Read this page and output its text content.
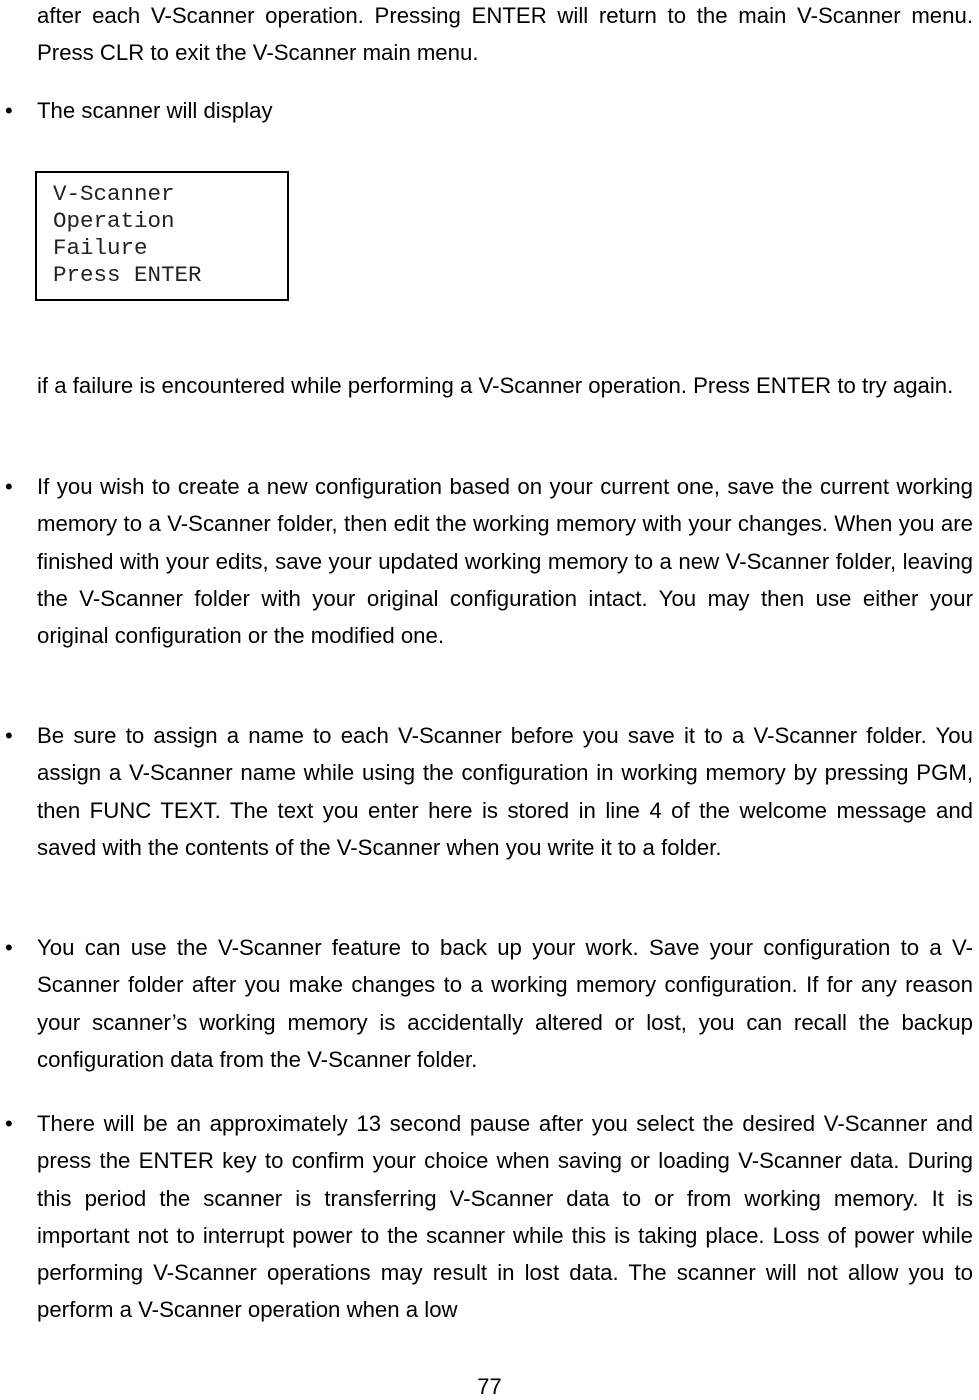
after each V-Scanner operation. Pressing ENTER will return to the main V-Scanner menu. Press CLR to exit the V-Scanner main menu.

• The scanner will display

V-Scanner
Operation
Failure
Press ENTER

if a failure is encountered while performing a V-Scanner operation. Press ENTER to try again.

• If you wish to create a new configuration based on your current one, save the current working memory to a V-Scanner folder, then edit the working memory with your changes. When you are finished with your edits, save your updated working memory to a new V-Scanner folder, leaving the V-Scanner folder with your original configuration intact. You may then use either your original configuration or the modified one.

• Be sure to assign a name to each V-Scanner before you save it to a V-Scanner folder. You assign a V-Scanner name while using the configuration in working memory by pressing PGM, then FUNC TEXT. The text you enter here is stored in line 4 of the welcome message and saved with the contents of the V-Scanner when you write it to a folder.

• You can use the V-Scanner feature to back up your work. Save your configuration to a V-Scanner folder after you make changes to a working memory configuration. If for any reason your scanner’s working memory is accidentally altered or lost, you can recall the backup configuration data from the V-Scanner folder.

• There will be an approximately 13 second pause after you select the desired V-Scanner and press the ENTER key to confirm your choice when saving or loading V-Scanner data. During this period the scanner is transferring V-Scanner data to or from working memory. It is important not to interrupt power to the scanner while this is taking place. Loss of power while performing V-Scanner operations may result in lost data. The scanner will not allow you to perform a V-Scanner operation when a low

77
